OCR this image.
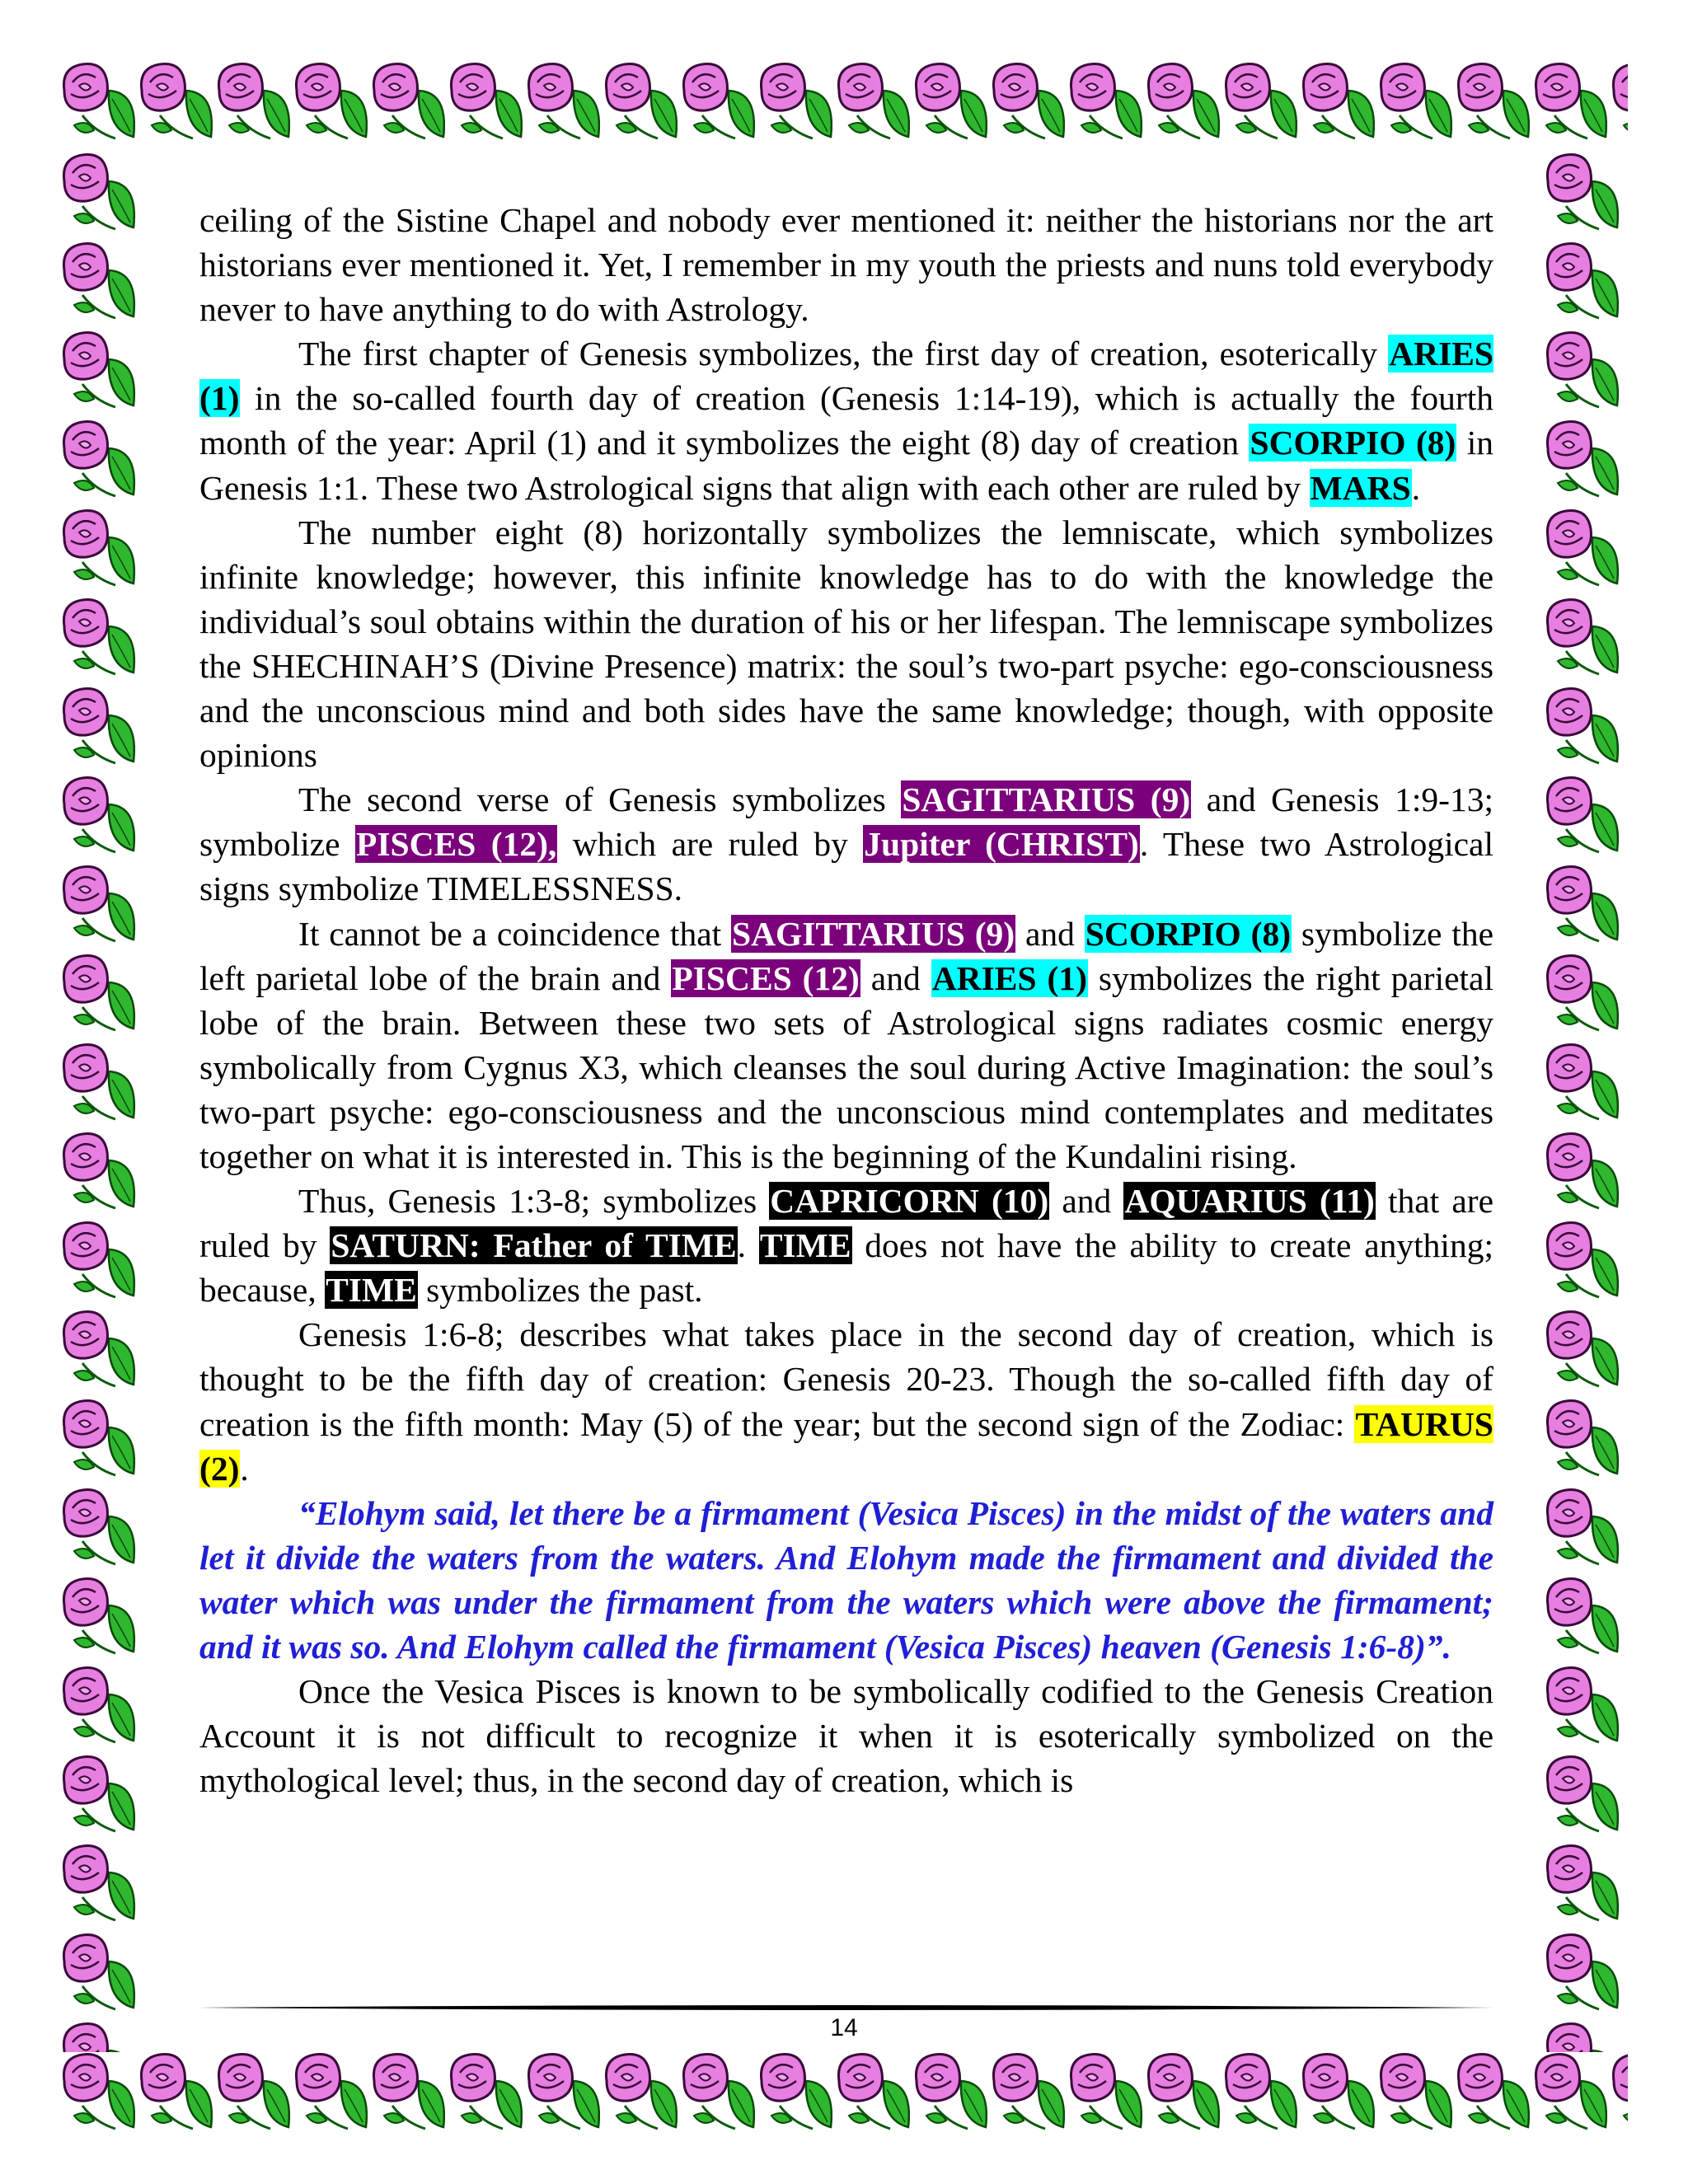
ceiling of the Sistine Chapel and nobody ever mentioned it: neither the historians nor the art historians ever mentioned it. Yet, I remember in my youth the priests and nuns told everybody never to have anything to do with Astrology.

The first chapter of Genesis symbolizes, the first day of creation, esoterically ARIES (1) in the so-called fourth day of creation (Genesis 1:14-19), which is actually the fourth month of the year: April (1) and it symbolizes the eight (8) day of creation SCORPIO (8) in Genesis 1:1. These two Astrological signs that align with each other are ruled by MARS.

The number eight (8) horizontally symbolizes the lemniscate, which symbolizes infinite knowledge; however, this infinite knowledge has to do with the knowledge the individual’s soul obtains within the duration of his or her lifespan. The lemniscape symbolizes the SHECHINAH’S (Divine Presence) matrix: the soul’s two-part psyche: ego-consciousness and the unconscious mind and both sides have the same knowledge; though, with opposite opinions

The second verse of Genesis symbolizes SAGITTARIUS (9) and Genesis 1:9-13; symbolize PISCES (12), which are ruled by Jupiter (CHRIST). These two Astrological signs symbolize TIMELESSNESS.

It cannot be a coincidence that SAGITTARIUS (9) and SCORPIO (8) symbolize the left parietal lobe of the brain and PISCES (12) and ARIES (1) symbolizes the right parietal lobe of the brain. Between these two sets of Astrological signs radiates cosmic energy symbolically from Cygnus X3, which cleanses the soul during Active Imagination: the soul’s two-part psyche: ego-consciousness and the unconscious mind contemplates and meditates together on what it is interested in. This is the beginning of the Kundalini rising.

Thus, Genesis 1:3-8; symbolizes CAPRICORN (10) and AQUARIUS (11) that are ruled by SATURN: Father of TIME. TIME does not have the ability to create anything; because, TIME symbolizes the past.

Genesis 1:6-8; describes what takes place in the second day of creation, which is thought to be the fifth day of creation: Genesis 20-23. Though the so-called fifth day of creation is the fifth month: May (5) of the year; but the second sign of the Zodiac: TAURUS (2).

“Elohym said, let there be a firmament (Vesica Pisces) in the midst of the waters and let it divide the waters from the waters. And Elohym made the firmament and divided the water which was under the firmament from the waters which were above the firmament; and it was so. And Elohym called the firmament (Vesica Pisces) heaven (Genesis 1:6-8)”.

Once the Vesica Pisces is known to be symbolically codified to the Genesis Creation Account it is not difficult to recognize it when it is esoterically symbolized on the mythological level; thus, in the second day of creation, which is

14
